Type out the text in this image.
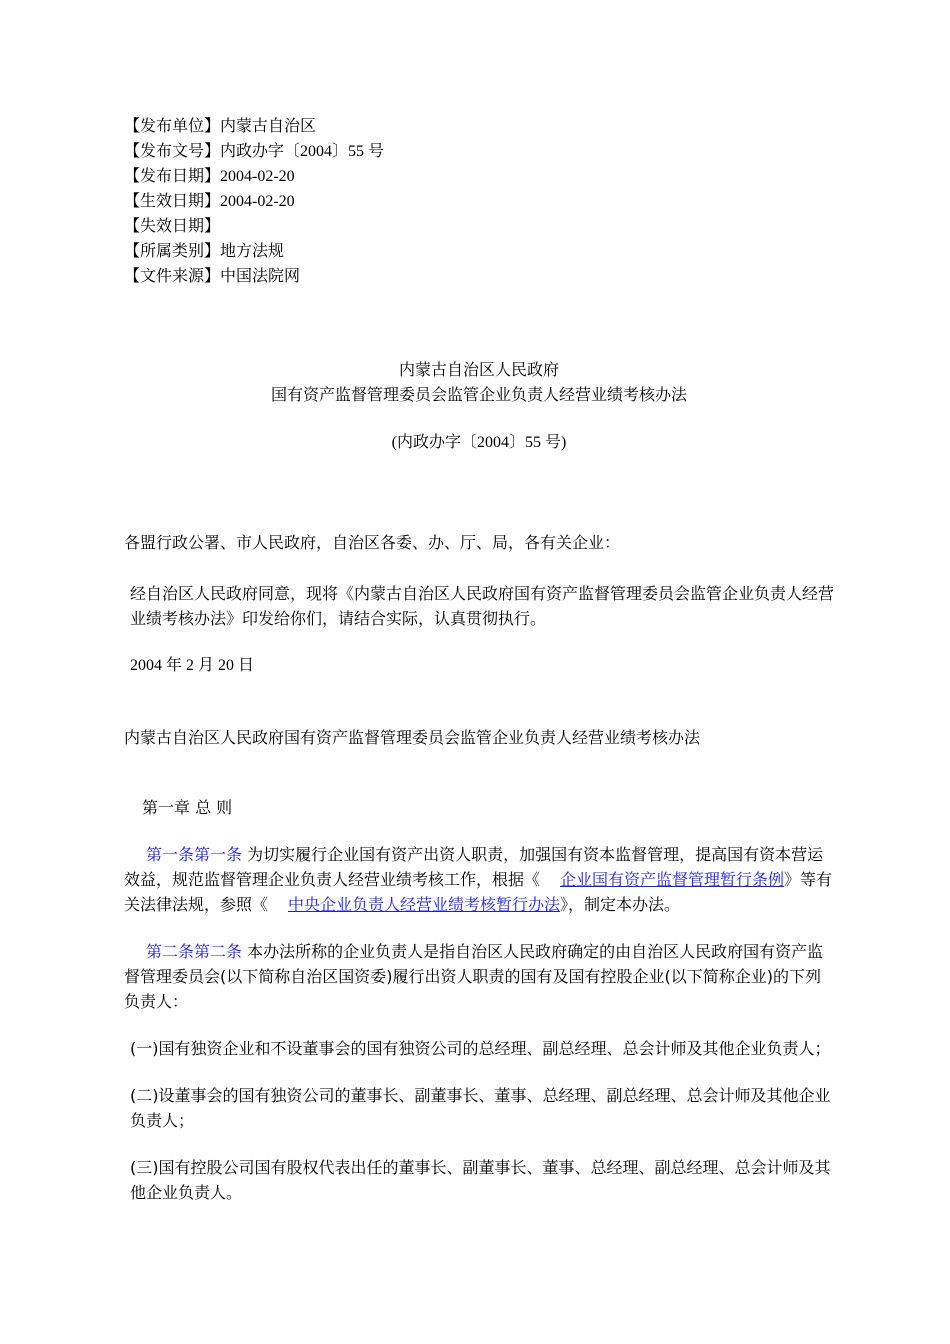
【发布单位】内蒙古自治区
【发布文号】内政办字〔2004〕55 号
【发布日期】2004-02-20
【生效日期】2004-02-20
【失效日期】
【所属类别】地方法规
【文件来源】中国法院网
内蒙古自治区人民政府
国有资产监督管理委员会监管企业负责人经营业绩考核办法
(内政办字〔2004〕55 号)

各盟行政公署、市人民政府，自治区各委、办、厅、局，各有关企业：

经自治区人民政府同意，现将《内蒙古自治区人民政府国有资产监督管理委员会监管企业负责人经营业绩考核办法》印发给你们，请结合实际，认真贯彻执行。

2004 年 2 月 20 日

内蒙古自治区人民政府国有资产监督管理委员会监管企业负责人经营业绩考核办法

第一章 总 则

第一条第一条 为切实履行企业国有资产出资人职责，加强国有资本监督管理，提高国有资本营运效益，规范监督管理企业负责人经营业绩考核工作，根据《 企业国有资产监督管理暂行条例》等有关法律法规，参照《 中央企业负责人经营业绩考核暂行办法》，制定本办法。

第二条第二条 本办法所称的企业负责人是指自治区人民政府确定的由自治区人民政府国有资产监督管理委员会(以下简称自治区国资委)履行出资人职责的国有及国有控股企业(以下简称企业)的下列负责人：

(一)国有独资企业和不设董事会的国有独资公司的总经理、副总经理、总会计师及其他企业负责人；

(二)设董事会的国有独资公司的董事长、副董事长、董事、总经理、副总经理、总会计师及其他企业负责人；

(三)国有控股公司国有股权代表出任的董事长、副董事长、董事、总经理、副总经理、总会计师及其他企业负责人。
